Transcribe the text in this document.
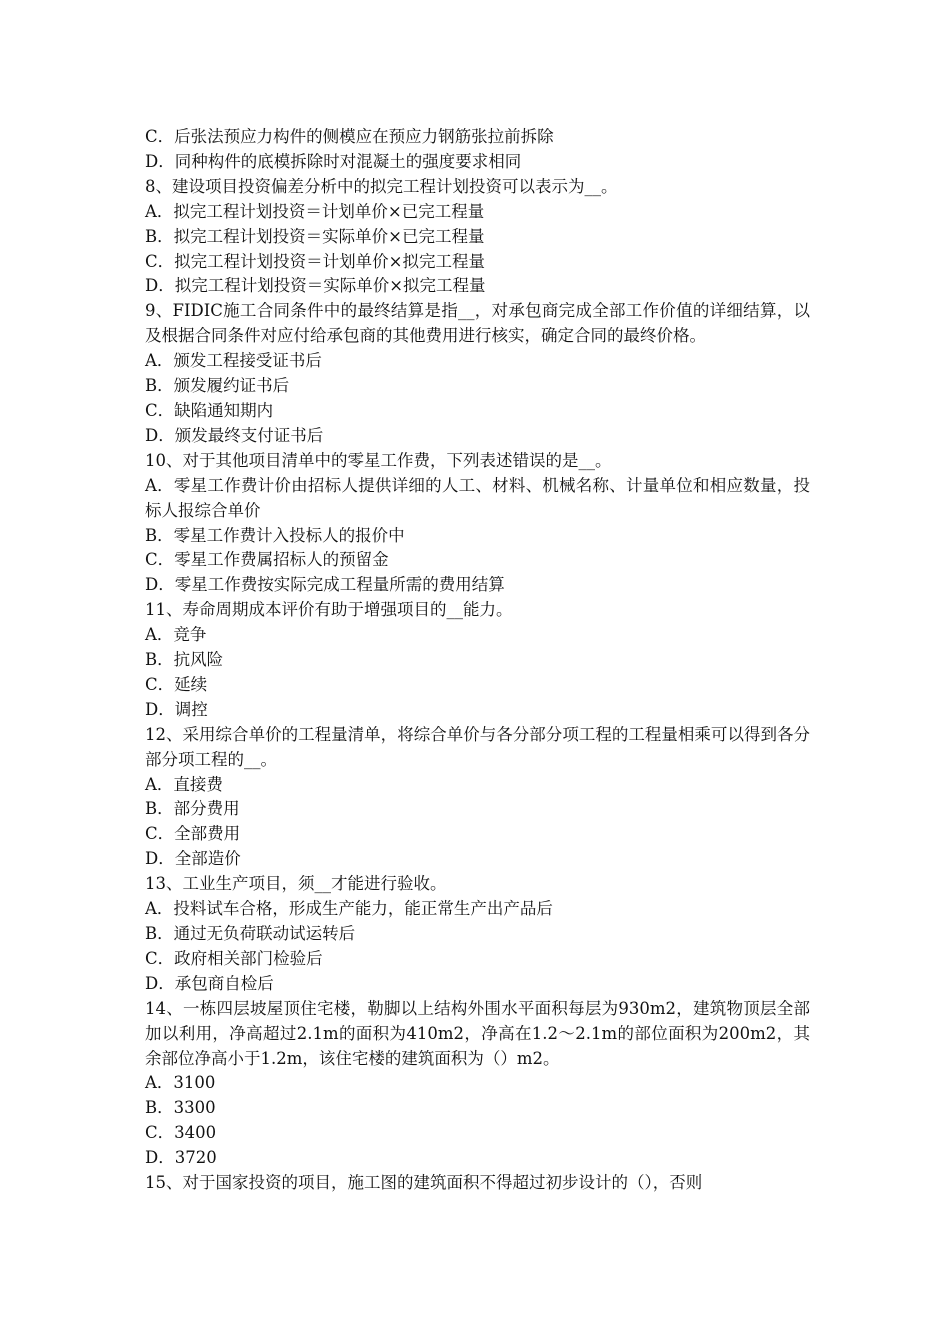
C．后张法预应力构件的侧模应在预应力钢筋张拉前拆除
D．同种构件的底模拆除时对混凝土的强度要求相同
8、建设项目投资偏差分析中的拟完工程计划投资可以表示为__。
A．拟完工程计划投资＝计划单价×已完工程量
B．拟完工程计划投资＝实际单价×已完工程量
C．拟完工程计划投资＝计划单价×拟完工程量
D．拟完工程计划投资＝实际单价×拟完工程量
9、FIDIC施工合同条件中的最终结算是指__，对承包商完成全部工作价值的详细结算，以及根据合同条件对应付给承包商的其他费用进行核实，确定合同的最终价格。
A．颁发工程接受证书后
B．颁发履约证书后
C．缺陷通知期内
D．颁发最终支付证书后
10、对于其他项目清单中的零星工作费，下列表述错误的是__。
A．零星工作费计价由招标人提供详细的人工、材料、机械名称、计量单位和相应数量，投标人报综合单价
B．零星工作费计入投标人的报价中
C．零星工作费属招标人的预留金
D．零星工作费按实际完成工程量所需的费用结算
11、寿命周期成本评价有助于增强项目的__能力。
A．竞争
B．抗风险
C．延续
D．调控
12、采用综合单价的工程量清单，将综合单价与各分部分项工程的工程量相乘可以得到各分部分项工程的__。
A．直接费
B．部分费用
C．全部费用
D．全部造价
13、工业生产项目，须__才能进行验收。
A．投料试车合格，形成生产能力，能正常生产出产品后
B．通过无负荷联动试运转后
C．政府相关部门检验后
D．承包商自检后
14、一栋四层坡屋顶住宅楼，勒脚以上结构外围水平面积每层为930m2，建筑物顶层全部加以利用，净高超过2.1m的面积为410m2，净高在1.2～2.1m的部位面积为200m2，其余部位净高小于1.2m，该住宅楼的建筑面积为（）m2。
A．3100
B．3300
C．3400
D．3720
15、对于国家投资的项目，施工图的建筑面积不得超过初步设计的（），否则
